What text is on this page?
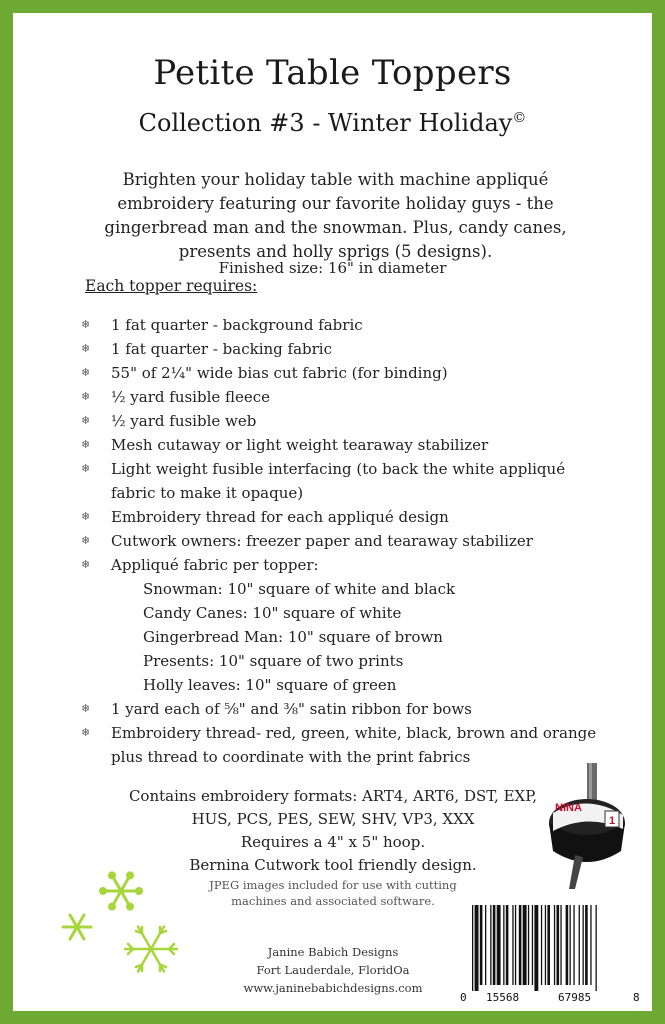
Petite Table Toppers
Collection #3 - Winter Holiday©
Brighten your holiday table with machine appliqué embroidery featuring our favorite holiday guys - the gingerbread man and the snowman. Plus, candy canes, presents and holly sprigs (5 designs).
Finished size: 16" in diameter
Each topper requires:
❄ 1 fat quarter - background fabric
❄ 1 fat quarter - backing fabric
❄ 55" of 2¼" wide bias cut fabric (for binding)
❄ ½ yard fusible fleece
❄ ½ yard fusible web
❄ Mesh cutaway or light weight tearaway stabilizer
❄ Light weight fusible interfacing (to back the white appliqué fabric to make it opaque)
❄ Embroidery thread for each appliqué design
❄ Cutwork owners: freezer paper and tearaway stabilizer
❄ Appliqué fabric per topper:
Snowman: 10" square of white and black
Candy Canes: 10" square of white
Gingerbread Man: 10" square of brown
Presents: 10" square of two prints
Holly leaves: 10" square of green
❄ 1 yard each of ⅝" and ⅜" satin ribbon for bows
❄ Embroidery thread- red, green, white, black, brown and orange plus thread to coordinate with the print fabrics
Contains embroidery formats: ART4, ART6, DST, EXP,
HUS, PCS, PES, SEW, SHV, VP3, XXX
Requires a 4" x 5" hoop.
Bernina Cutwork tool friendly design.
JPEG images included for use with cutting
machines and associated software.
Janine Babich Designs
Fort Lauderdale, FloridOa
www.janinebabichdesigns.com
NINA
1
0 15568	67985	8
